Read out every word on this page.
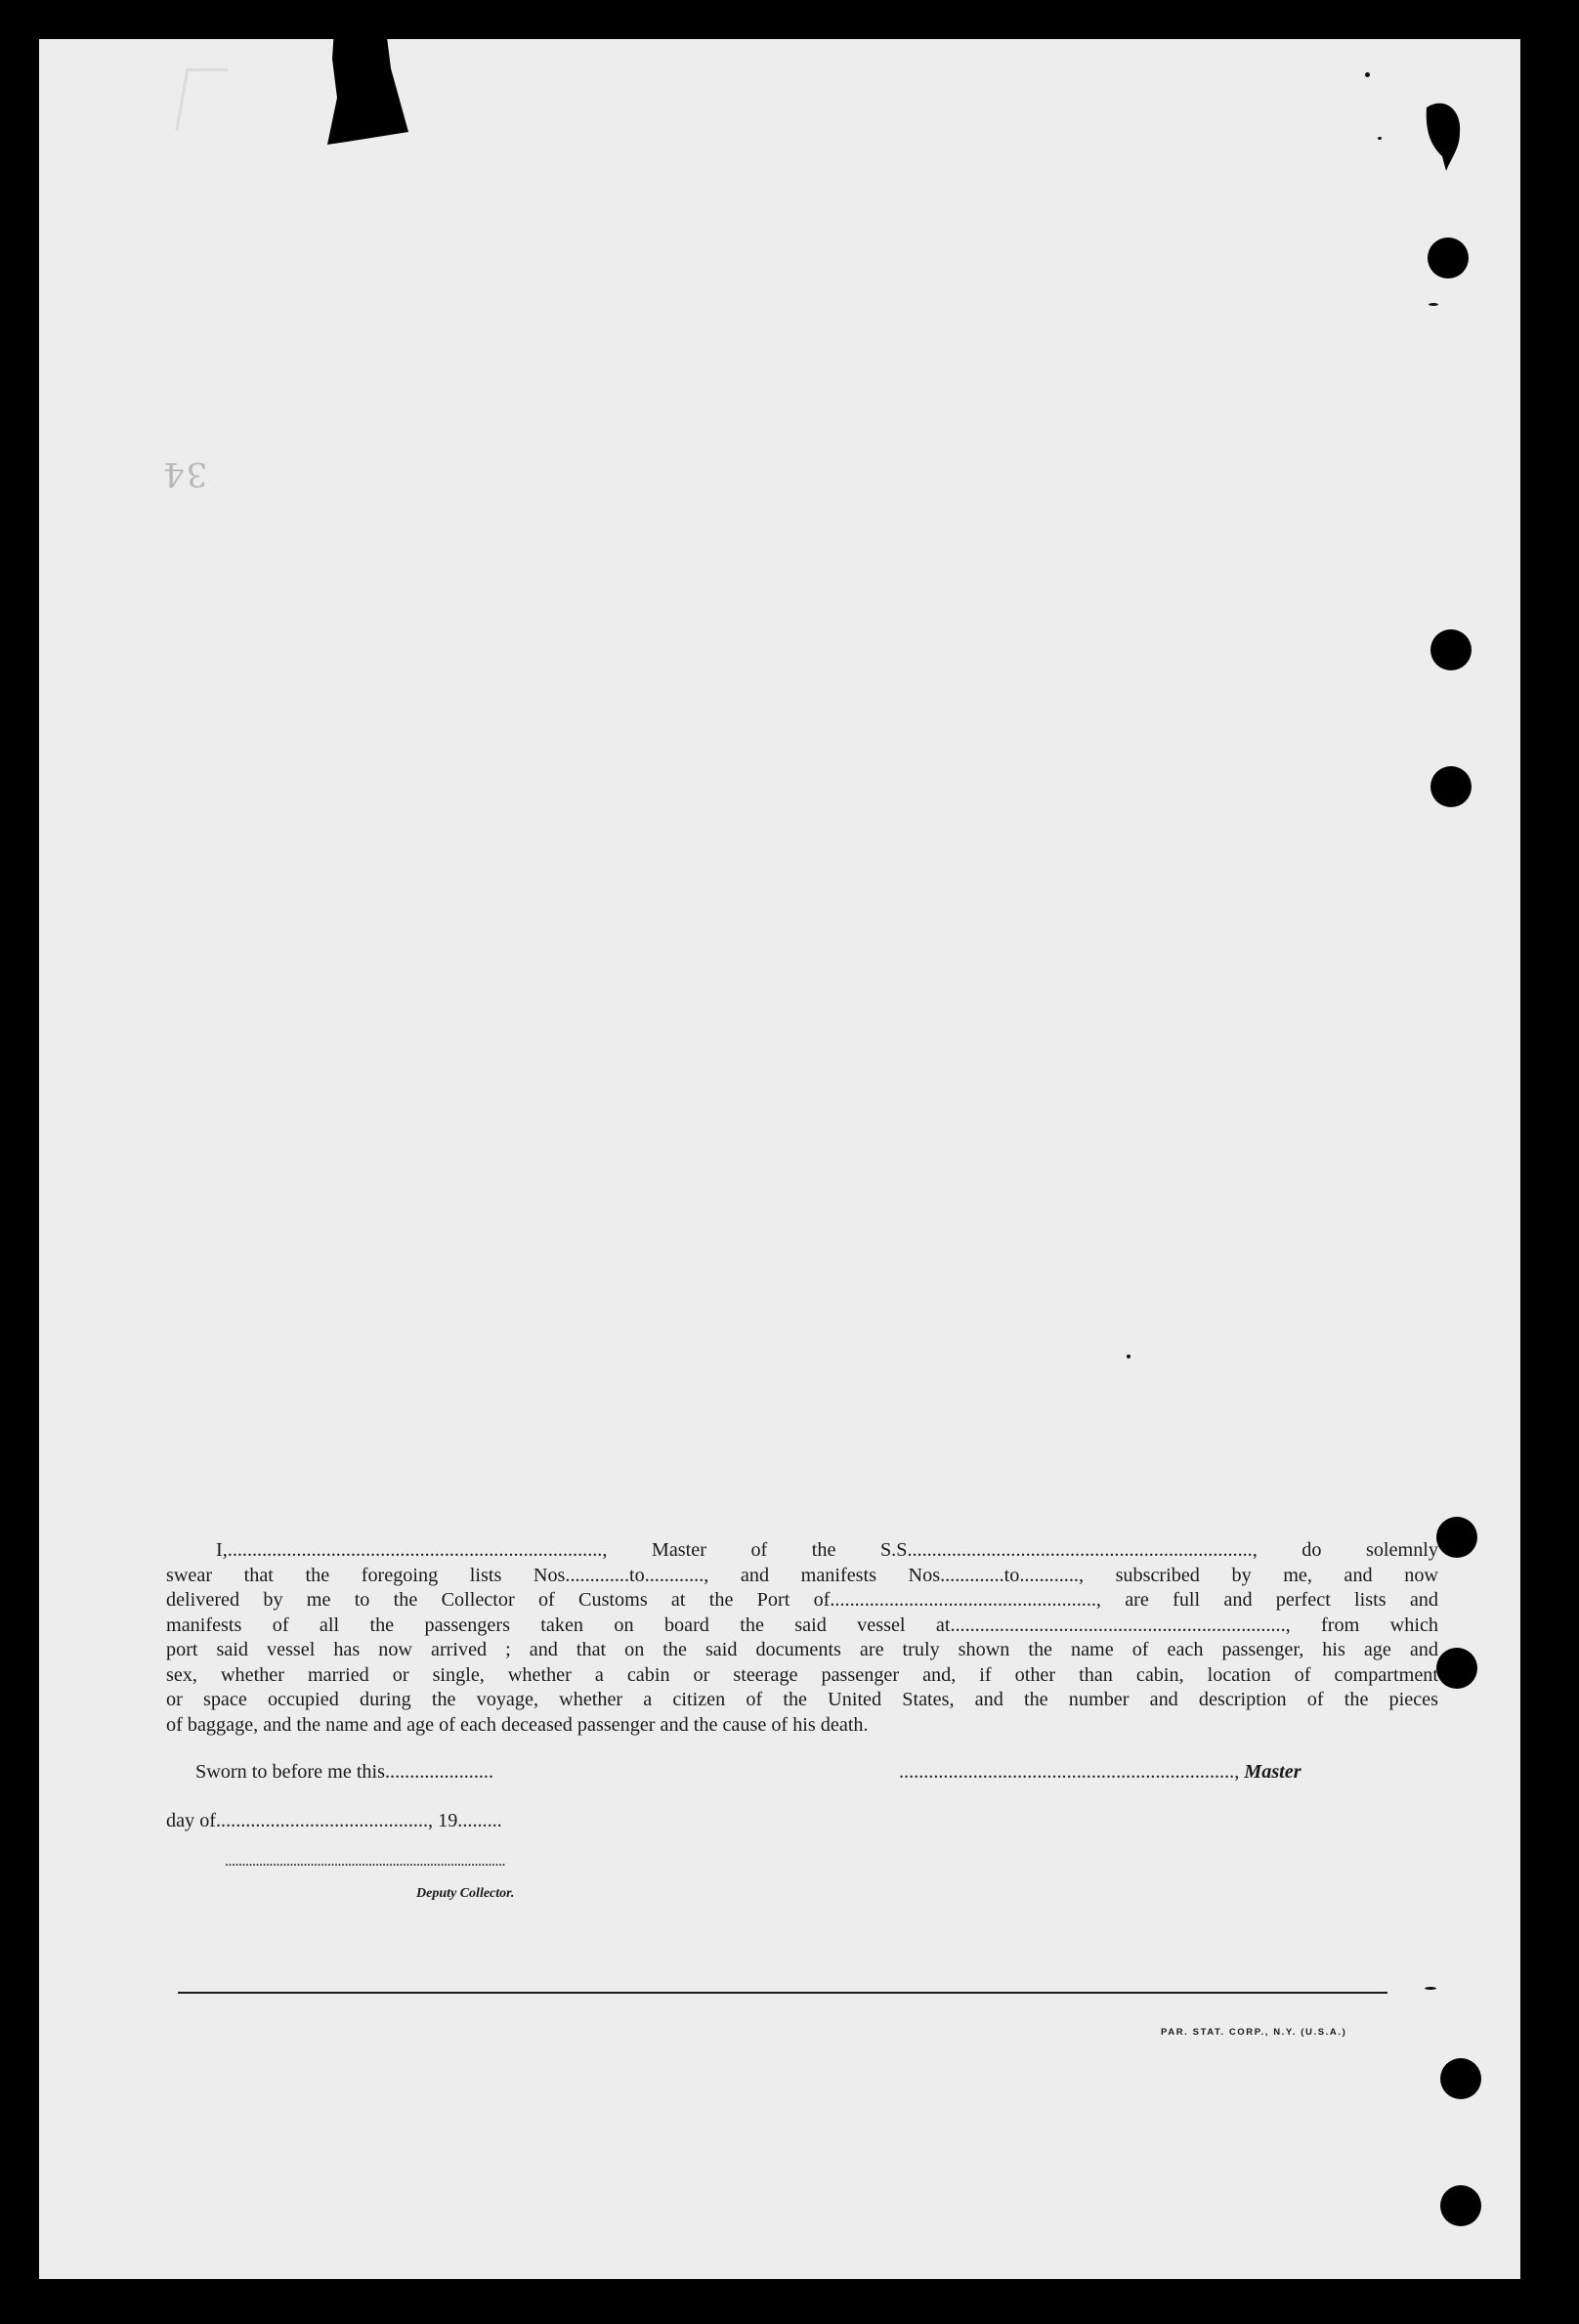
34
I,............................................................................, Master of the S.S......................................................................, do solemnly
swear that the foregoing lists Nos.............to............, and manifests Nos.............to............, subscribed by me, and now
delivered by me to the Collector of Customs at the Port of......................................................, are full and perfect lists and
manifests of all the passengers taken on board the said vessel at...................................................................., from which
port said vessel has now arrived ; and that on the said documents are truly shown the name of each passenger, his age and
sex, whether married or single, whether a cabin or steerage passenger and, if other than cabin, location of compartment
or space occupied during the voyage, whether a citizen of the United States, and the number and description of the pieces
of baggage, and the name and age of each deceased passenger and the cause of his death.
Sworn to before me this......................	...................................................................., Master
day of..........................................., 19.........
..................................................................................
Deputy Collector.
PAR. STAT. CORP., N.Y. (U.S.A.)
